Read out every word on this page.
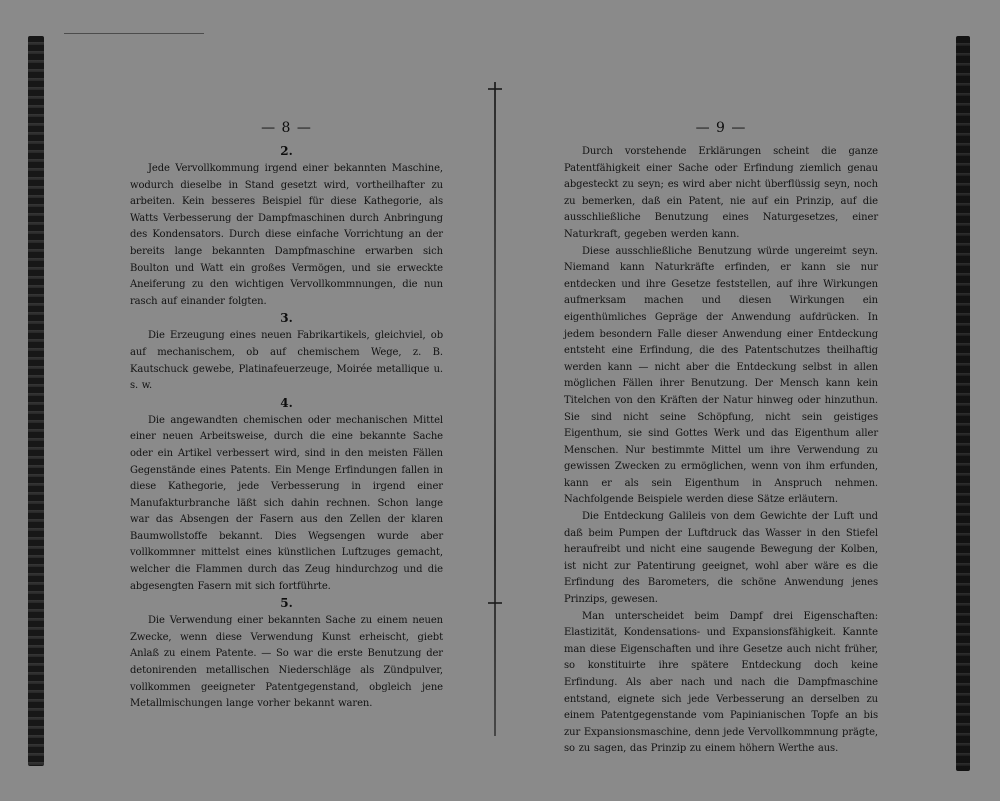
— 8 —
2.
Jede Vervollkommung irgend einer bekannten Maschine, wodurch dieselbe in Stand gesetzt wird, vortheilhafter zu arbeiten. Kein besseres Beispiel für diese Kathegorie, als Watts Verbesserung der Dampfmaschinen durch Anbringung des Kondensators. Durch diese einfache Vorrichtung an der bereits lange bekannten Dampfmaschine erwarben sich Boulton und Watt ein großes Vermögen, und sie erweckte Aneiferung zu den wichtigen Vervollkommnungen, die nun rasch auf einander folgten.
3.
Die Erzeugung eines neuen Fabrikartikels, gleichviel, ob auf mechanischem, ob auf chemischem Wege, z. B. Kautschuck gewebe, Platinafeuerzeuge, Moirée metallique u. s. w.
4.
Die angewandten chemischen oder mechanischen Mittel einer neuen Arbeitsweise, durch die eine bekannte Sache oder ein Artikel verbessert wird, sind in den meisten Fällen Gegenstände eines Patents. Ein Menge Erfindungen fallen in diese Kathegorie, jede Verbesserung in irgend einer Manufakturbranche läßt sich dahin rechnen. Schon lange war das Absengen der Fasern aus den Zellen der klaren Baumwollstoffe bekannt. Dies Wegsengen wurde aber vollkommner mittelst eines künstlichen Luftzuges gemacht, welcher die Flammen durch das Zeug hindurchzog und die abgesengten Fasern mit sich fortführte.
5.
Die Verwendung einer bekannten Sache zu einem neuen Zwecke, wenn diese Verwendung Kunst erheischt, giebt Anlaß zu einem Patente. — So war die erste Benutzung der detonirenden metallischen Niederschläge als Zündpulver, vollkommen geeigneter Patentgegenstand, obgleich jene Metallmischungen lange vorher bekannt waren.
— 9 —
Durch vorstehende Erklärungen scheint die ganze Patentfähigkeit einer Sache oder Erfindung ziemlich genau abgesteckt zu seyn; es wird aber nicht überflüssig seyn, noch zu bemerken, daß ein Patent, nie auf ein Prinzip, auf die ausschließliche Benutzung eines Naturgesetzes, einer Naturkraft, gegeben werden kann.
Diese ausschließliche Benutzung würde ungereimt seyn. Niemand kann Naturkräfte erfinden, er kann sie nur entdecken und ihre Gesetze feststellen, auf ihre Wirkungen aufmerksam machen und diesen Wirkungen ein eigenthümliches Gepräge der Anwendung aufdrücken. In jedem besondern Falle dieser Anwendung einer Entdeckung entsteht eine Erfindung, die des Patentschutzes theilhaftig werden kann — nicht aber die Entdeckung selbst in allen möglichen Fällen ihrer Benutzung. Der Mensch kann kein Titelchen von den Kräften der Natur hinweg oder hinzuthun. Sie sind nicht seine Schöpfung, nicht sein geistiges Eigenthum, sie sind Gottes Werk und das Eigenthum aller Menschen. Nur bestimmte Mittel um ihre Verwendung zu gewissen Zwecken zu ermöglichen, wenn von ihm erfunden, kann er als sein Eigenthum in Anspruch nehmen. Nachfolgende Beispiele werden diese Sätze erläutern.
Die Entdeckung Galileis von dem Gewichte der Luft und daß beim Pumpen der Luftdruck das Wasser in den Stiefel heraufreibt und nicht eine saugende Bewegung der Kolben, ist nicht zur Patentirung geeignet, wohl aber wäre es die Erfindung des Barometers, die schöne Anwendung jenes Prinzips, gewesen.
Man unterscheidet beim Dampf drei Eigenschaften: Elastizität, Kondensations- und Expansionsfähigkeit. Kannte man diese Eigenschaften und ihre Gesetze auch nicht früher, so konstituirte ihre spätere Entdeckung doch keine Erfindung. Als aber nach und nach die Dampfmaschine entstand, eignete sich jede Verbesserung an derselben zu einem Patentgegenstande vom Papinianischen Topfe an bis zur Expansionsmaschine, denn jede Vervollkommnung prägte, so zu sagen, das Prinzip zu einem höhern Werthe aus.
